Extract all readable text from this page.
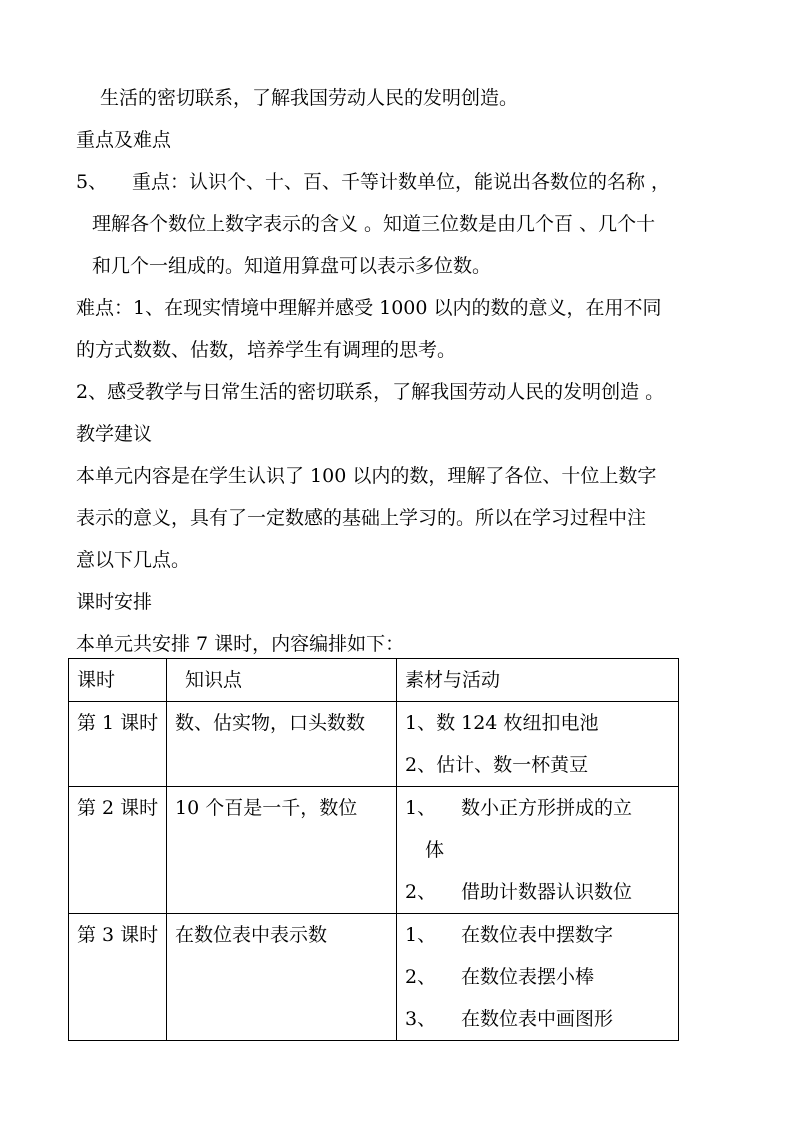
生活的密切联系，了解我国劳动人民的发明创造。
重点及难点
5、 重点：认识个、十、百、千等计数单位，能说出各数位的名称 ，
理解各个数位上数字表示的含义 。知道三位数是由几个百 、几个十
和几个一组成的。知道用算盘可以表示多位数。
难点：1、在现实情境中理解并感受 1000 以内的数的意义，在用不同
的方式数数、估数，培养学生有调理的思考。
2、感受教学与日常生活的密切联系，了解我国劳动人民的发明创造 。
教学建议
本单元内容是在学生认识了 100 以内的数，理解了各位、十位上数字
表示的意义，具有了一定数感的基础上学习的。所以在学习过程中注
意以下几点。
课时安排
本单元共安排 7 课时，内容编排如下：
课时	知识点	素材与活动

第 1 课时	数、估实物，口头数数	1、数 124 枚纽扣电池
2、估计、数一杯黄豆

第 2 课时	10 个百是一千，数位	1、 数小正方形拼成的立
体
2、 借助计数器认识数位

第 3 课时	在数位表中表示数	1、 在数位表中摆数字
2、 在数位表摆小棒
3、 在数位表中画图形
